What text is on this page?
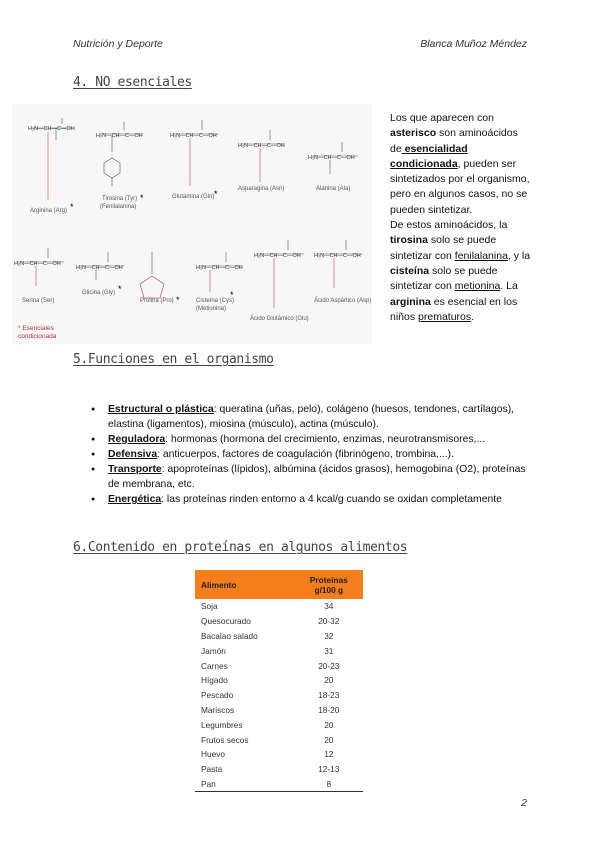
Nutrición y Deporte	Blanca Muñoz Méndez
4. NO esenciales
H₂N—CH—C—OH
H₂N—CH—C—OH	H₂N—CH—C—OH
H₂N—CH—C—OH
H₂N—CH—C—OH
H₂N—CH—C—OH
H₂N—CH—C—OH	H₂N—CH—C—OH
H₂N—CH—C—OH H₂N—CH—C—OH
Arginina (Arg) *
Tirosina (Tyr)
(Fenilalanina)
*	Glutamina (Gln) *	Asparagina (Asn)	Alanina (Ala)
Serina (Ser)
Glicina (Gly) *
Prolina (Pro) *	Cisteína (Cys)
(Metionina)
*
Ácido Glutámico (Glu)
Ácido Aspártico (Asp)
* Esenciales
condicionada
Los que aparecen con asterisco son aminoácidos de esencialidad condicionada, pueden ser sintetizados por el organismo, pero en algunos casos, no se pueden sintetizar.
De estos aminoácidos, la tirosina solo se puede sintetizar con fenilalanina, y la cisteína solo se puede sintetizar con metionina. La arginina es esencial en los niños prematuros.
5.Funciones en el organismo
● Estructural o plástica: queratina (uñas, pelo), colágeno (huesos, tendones, cartílagos), elastina (ligamentos), miosina (músculo), actina (músculo).
● Reguladora: hormonas (hormona del crecimiento, enzimas, neurotransmisores,...
● Defensiva: anticuerpos, factores de coagulación (fibrinógeno, trombina,...).
● Transporte: apoproteínas (lípidos), albúmina (ácidos grasos), hemogobina (O2), proteínas de membrana, etc.
● Energética: las proteínas rinden entorno a 4 kcal/g cuando se oxidan completamente
6.Contenido en proteínas en algunos alimentos
Alimento	Proteínas
g/100 g
Soja	34
Quesocurado	20-32
Bacalao salado	32
Jamón	31
Carnes	20-23
Hígado	20
Pescado	18-23
Mariscos	18-20
Legumbres	20
Frutos secos	20
Huevo	12
Pasta	12-13
Pan	8
2
